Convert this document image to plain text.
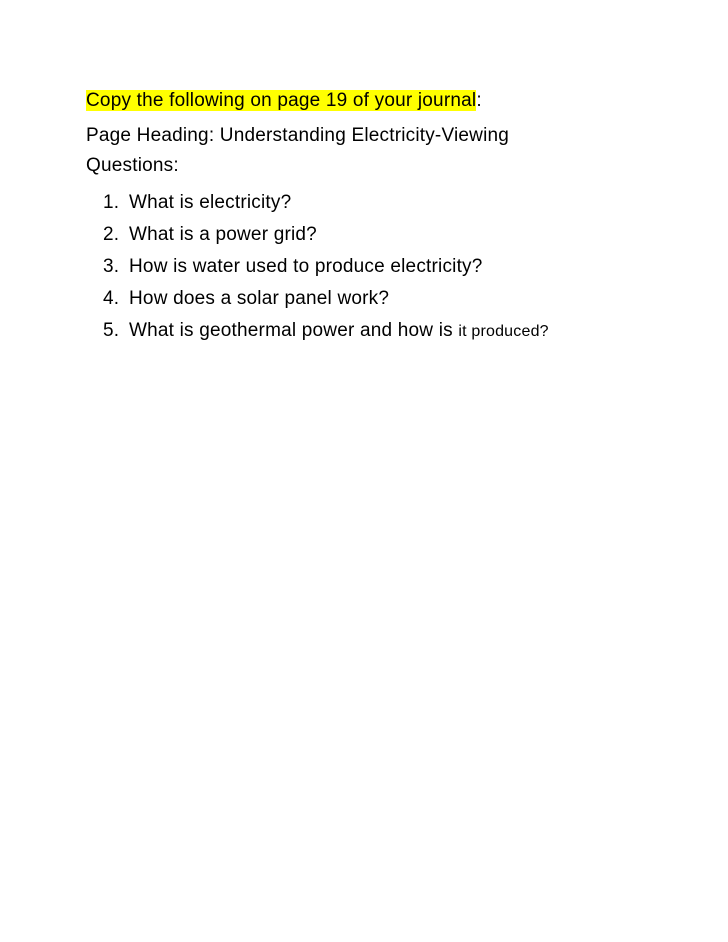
Copy the following on page 19 of your journal:

Page Heading: Understanding Electricity-Viewing

Questions:

1. What is electricity?
2. What is a power grid?
3. How is water used to produce electricity?
4. How does a solar panel work?
5. What is geothermal power and how is it produced?
